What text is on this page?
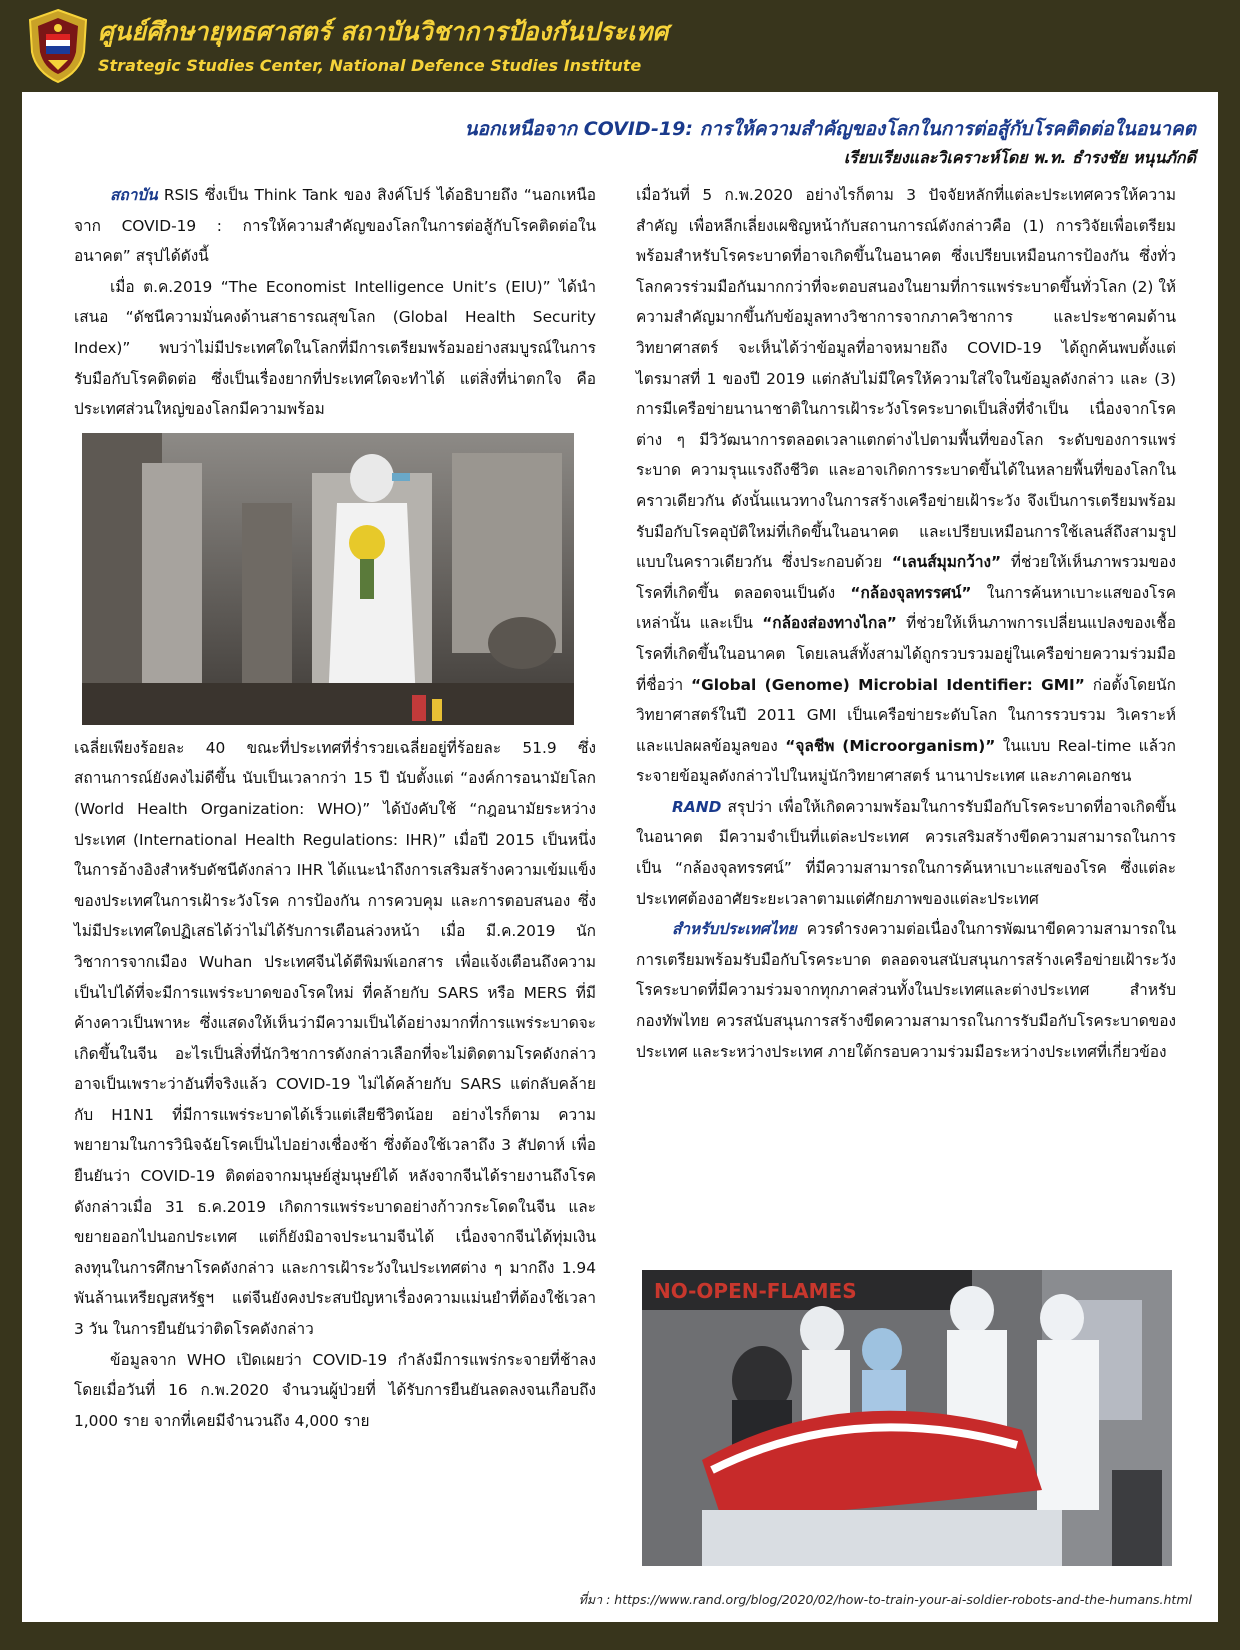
ศูนย์ศึกษายุทธศาสตร์ สถาบันวิชาการป้องกันประเทศ
Strategic Studies Center, National Defence Studies Institute
นอกเหนือจาก COVID-19: การให้ความสำคัญของโลกในการต่อสู้กับโรคติดต่อในอนาคต
เรียบเรียงและวิเคราะห์โดย พ.ท. ธำรงชัย หนุนภักดี

สถาบัน RSIS ซึ่งเป็น Think Tank ของ สิงค์โปร์ ได้อธิบายถึง “นอกเหนือจาก COVID-19 : การให้ความสำคัญของโลกในการต่อสู้กับโรคติดต่อในอนาคต” สรุปได้ดังนี้

เมื่อ ต.ค.2019 “The Economist Intelligence Unit’s (EIU)” ได้นำเสนอ “ดัชนีความมั่นคงด้านสาธารณสุขโลก (Global Health Security Index)” พบว่าไม่มีประเทศใดในโลกที่มีการเตรียมพร้อมอย่างสมบูรณ์ในการรับมือกับโรคติดต่อ ซึ่งเป็นเรื่องยากที่ประเทศใดจะทำได้ แต่สิ่งที่น่าตกใจ คือ ประเทศส่วนใหญ่ของโลกมีความพร้อม

เฉลี่ยเพียงร้อยละ 40 ขณะที่ประเทศที่ร่ำรวยเฉลี่ยอยู่ที่ร้อยละ 51.9 ซึ่งสถานการณ์ยังคงไม่ดีขึ้น นับเป็นเวลากว่า 15 ปี นับตั้งแต่ “องค์การอนามัยโลก (World Health Organization: WHO)” ได้บังคับใช้ “กฎอนามัยระหว่างประเทศ (International Health Regulations: IHR)” เมื่อปี 2015 เป็นหนึ่งในการอ้างอิงสำหรับดัชนีดังกล่าว IHR ได้แนะนำถึงการเสริมสร้างความเข้มแข็งของประเทศในการเฝ้าระวังโรค การป้องกัน การควบคุม และการตอบสนอง ซึ่งไม่มีประเทศใดปฏิเสธได้ว่าไม่ได้รับการเตือนล่วงหน้า เมื่อ มี.ค.2019 นักวิชาการจากเมือง Wuhan ประเทศจีนได้ตีพิมพ์เอกสาร เพื่อแจ้งเตือนถึงความเป็นไปได้ที่จะมีการแพร่ระบาดของโรคใหม่ ที่คล้ายกับ SARS หรือ MERS ที่มีค้างคาวเป็นพาหะ ซึ่งแสดงให้เห็นว่ามีความเป็นได้อย่างมากที่การแพร่ระบาดจะเกิดขึ้นในจีน อะไรเป็นสิ่งที่นักวิชาการดังกล่าวเลือกที่จะไม่ติดตามโรคดังกล่าว อาจเป็นเพราะว่าอันที่จริงแล้ว COVID-19 ไม่ได้คล้ายกับ SARS แต่กลับคล้ายกับ H1N1 ที่มีการแพร่ระบาดได้เร็วแต่เสียชีวิตน้อย อย่างไรก็ตาม ความพยายามในการวินิจฉัยโรคเป็นไปอย่างเชื่องช้า ซึ่งต้องใช้เวลาถึง 3 สัปดาห์ เพื่อยืนยันว่า COVID-19 ติดต่อจากมนุษย์สู่มนุษย์ได้ หลังจากจีนได้รายงานถึงโรคดังกล่าวเมื่อ 31 ธ.ค.2019 เกิดการแพร่ระบาดอย่างก้าวกระโดดในจีน และขยายออกไปนอกประเทศ แต่ก็ยังมิอาจประนามจีนได้ เนื่องจากจีนได้ทุ่มเงินลงทุนในการศึกษาโรคดังกล่าว และการเฝ้าระวังในประเทศต่าง ๆ มากถึง 1.94 พันล้านเหรียญสหรัฐฯ แต่จีนยังคงประสบปัญหาเรื่องความแม่นยำที่ต้องใช้เวลา 3 วัน ในการยืนยันว่าติดโรคดังกล่าว

ข้อมูลจาก WHO เปิดเผยว่า COVID-19 กำลังมีการแพร่กระจายที่ช้าลง โดยเมื่อวันที่ 16 ก.พ.2020 จำนวนผู้ป่วยที่ ได้รับการยืนยันลดลงจนเกือบถึง 1,000 ราย จากที่เคยมีจำนวนถึง 4,000 ราย

เมื่อวันที่ 5 ก.พ.2020 อย่างไรก็ตาม 3 ปัจจัยหลักที่แต่ละประเทศควรให้ความสำคัญ เพื่อหลีกเลี่ยงเผชิญหน้ากับสถานการณ์ดังกล่าวคือ (1) การวิจัยเพื่อเตรียมพร้อมสำหรับโรคระบาดที่อาจเกิดขึ้นในอนาคต ซึ่งเปรียบเหมือนการป้องกัน ซึ่งทั่วโลกควรร่วมมือกันมากกว่าที่จะตอบสนองในยามที่การแพร่ระบาดขึ้นทั่วโลก (2) ให้ความสำคัญมากขึ้นกับข้อมูลทางวิชาการจากภาควิชาการ และประชาคมด้านวิทยาศาสตร์ จะเห็นได้ว่าข้อมูลที่อาจหมายถึง COVID-19 ได้ถูกค้นพบตั้งแต่ไตรมาสที่ 1 ของปี 2019 แต่กลับไม่มีใครให้ความใส่ใจในข้อมูลดังกล่าว และ (3) การมีเครือข่ายนานาชาติในการเฝ้าระวังโรคระบาดเป็นสิ่งที่จำเป็น เนื่องจากโรคต่าง ๆ มีวิวัฒนาการตลอดเวลาแตกต่างไปตามพื้นที่ของโลก ระดับของการแพร่ระบาด ความรุนแรงถึงชีวิต และอาจเกิดการระบาดขึ้นได้ในหลายพื้นที่ของโลกในคราวเดียวกัน ดังนั้นแนวทางในการสร้างเครือข่ายเฝ้าระวัง จึงเป็นการเตรียมพร้อมรับมือกับโรคอุบัติใหม่ที่เกิดขึ้นในอนาคต และเปรียบเหมือนการใช้เลนส์ถึงสามรูปแบบในคราวเดียวกัน ซึ่งประกอบด้วย “เลนส์มุมกว้าง” ที่ช่วยให้เห็นภาพรวมของโรคที่เกิดขึ้น ตลอดจนเป็นดัง “กล้องจุลทรรศน์” ในการค้นหาเบาะแสของโรคเหล่านั้น และเป็น “กล้องส่องทางไกล” ที่ช่วยให้เห็นภาพการเปลี่ยนแปลงของเชื้อโรคที่เกิดขึ้นในอนาคต โดยเลนส์ทั้งสามได้ถูกรวบรวมอยู่ในเครือข่ายความร่วมมือที่ชื่อว่า “Global (Genome) Microbial Identifier: GMI” ก่อตั้งโดยนักวิทยาศาสตร์ในปี 2011 GMI เป็นเครือข่ายระดับโลก ในการรวบรวม วิเคราะห์ และแปลผลข้อมูลของ “จุลชีพ (Microorganism)” ในแบบ Real-time แล้วกระจายข้อมูลดังกล่าวไปในหมู่นักวิทยาศาสตร์ นานาประเทศ และภาคเอกชน

RAND สรุปว่า เพื่อให้เกิดความพร้อมในการรับมือกับโรคระบาดที่อาจเกิดขึ้นในอนาคต มีความจำเป็นที่แต่ละประเทศ ควรเสริมสร้างขีดความสามารถในการเป็น “กล้องจุลทรรศน์” ที่มีความสามารถในการค้นหาเบาะแสของโรค ซึ่งแต่ละประเทศต้องอาศัยระยะเวลาตามแต่ศักยภาพของแต่ละประเทศ

สำหรับประเทศไทย ควรดำรงความต่อเนื่องในการพัฒนาขีดความสามารถในการเตรียมพร้อมรับมือกับโรคระบาด ตลอดจนสนับสนุนการสร้างเครือข่ายเฝ้าระวังโรคระบาดที่มีความร่วมจากทุกภาคส่วนทั้งในประเทศและต่างประเทศ สำหรับกองทัพไทย ควรสนับสนุนการสร้างขีดความสามารถในการรับมือกับโรคระบาดของประเทศ และระหว่างประเทศ ภายใต้กรอบความร่วมมือระหว่างประเทศที่เกี่ยวข้อง

NO-OPEN-FLAMES
ที่มา : https://www.rand.org/blog/2020/02/how-to-train-your-ai-soldier-robots-and-the-humans.html
